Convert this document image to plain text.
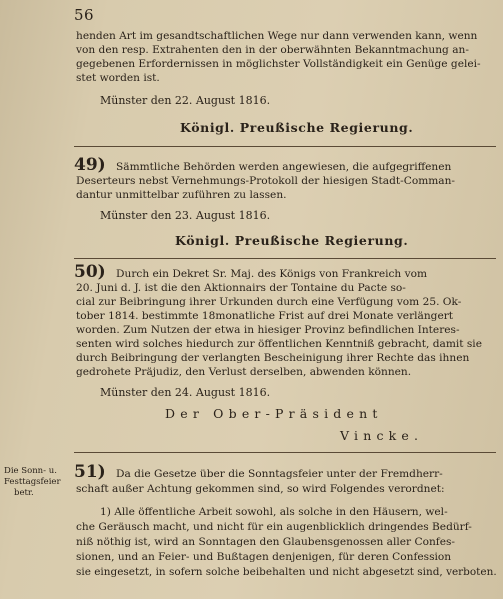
56
henden Art im gesandtschaftlichen Wege nur dann verwenden kann, wenn
von den resp. Extrahenten den in der oberwähnten Bekanntmachung an-
gegebenen Erfordernissen in möglichster Vollständigkeit ein Genüge gelei-
stet worden ist.
Münster den 22. August 1816.
Königl. Preußische Regierung.
49) Sämmtliche Behörden werden angewiesen, die aufgegriffenen
Deserteurs nebst Vernehmungs-Protokoll der hiesigen Stadt-Comman-
dantur unmittelbar zuführen zu lassen.
Münster den 23. August 1816.
Königl. Preußische Regierung.
50) Durch ein Dekret Sr. Maj. des Königs von Frankreich vom
20. Juni d. J. ist die den Aktionnairs der Tontaine du Pacte so-
cial zur Beibringung ihrer Urkunden durch eine Verfügung vom 25. Ok-
tober 1814. bestimmte 18monatliche Frist auf drei Monate verlängert
worden. Zum Nutzen der etwa in hiesiger Provinz befindlichen Interes-
senten wird solches hiedurch zur öffentlichen Kenntniß gebracht, damit sie
durch Beibringung der verlangten Bescheinigung ihrer Rechte das ihnen
gedrohete Präjudiz, den Verlust derselben, abwenden können.
Münster den 24. August 1816.
Der Ober-Präsident
Vincke.
Die Sonn- u.
Festtagsfeier
betr.
51) Da die Gesetze über die Sonntagsfeier unter der Fremdherr-
schaft außer Achtung gekommen sind, so wird Folgendes verordnet:
1) Alle öffentliche Arbeit sowohl, als solche in den Häusern, wel-
che Geräusch macht, und nicht für ein augenblicklich dringendes Bedürf-
niß nöthig ist, wird an Sonntagen den Glaubensgenossen aller Confes-
sionen, und an Feier- und Bußtagen denjenigen, für deren Confession
sie eingesetzt, in sofern solche beibehalten und nicht abgesetzt sind, verboten.
